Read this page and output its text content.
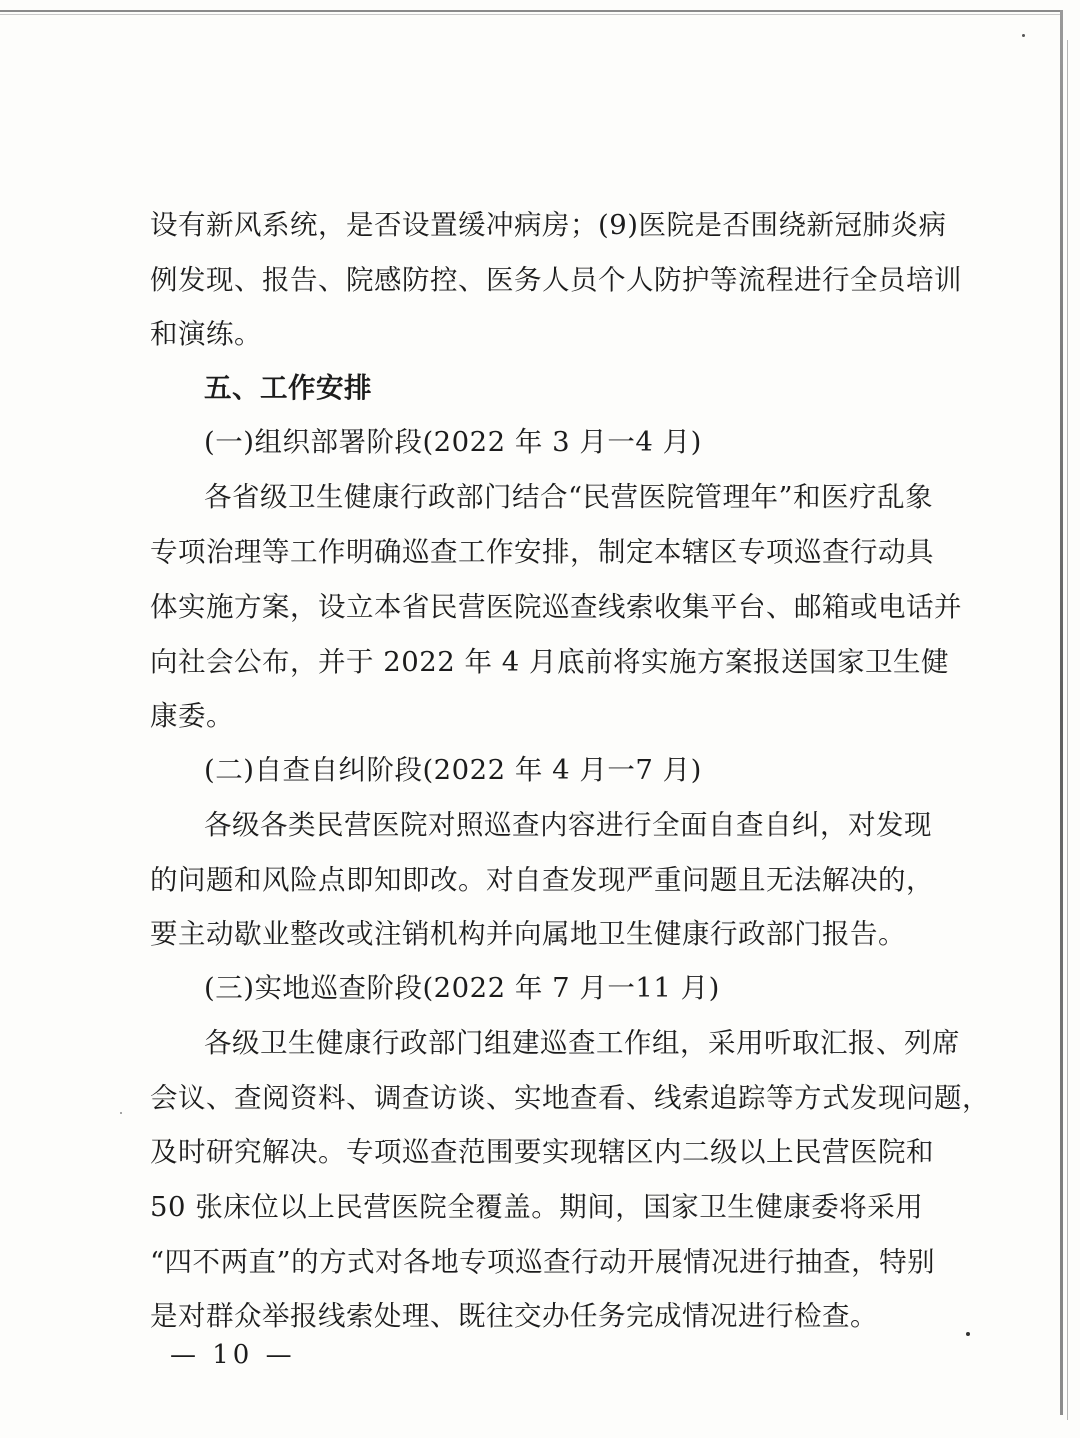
设有新风系统，是否设置缓冲病房；(9)医院是否围绕新冠肺炎病
例发现、报告、院感防控、医务人员个人防护等流程进行全员培训
和演练。
五、工作安排
(一)组织部署阶段(2022 年 3 月一4 月)
各省级卫生健康行政部门结合“民营医院管理年”和医疗乱象
专项治理等工作明确巡查工作安排，制定本辖区专项巡查行动具
体实施方案，设立本省民营医院巡查线索收集平台、邮箱或电话并
向社会公布，并于 2022 年 4 月底前将实施方案报送国家卫生健
康委。
(二)自查自纠阶段(2022 年 4 月一7 月)
各级各类民营医院对照巡查内容进行全面自查自纠，对发现
的问题和风险点即知即改。对自查发现严重问题且无法解决的，
要主动歇业整改或注销机构并向属地卫生健康行政部门报告。
(三)实地巡查阶段(2022 年 7 月一11 月)
各级卫生健康行政部门组建巡查工作组，采用听取汇报、列席
会议、查阅资料、调查访谈、实地查看、线索追踪等方式发现问题，
及时研究解决。专项巡查范围要实现辖区内二级以上民营医院和
50 张床位以上民营医院全覆盖。期间，国家卫生健康委将采用
“四不两直”的方式对各地专项巡查行动开展情况进行抽查，特别
是对群众举报线索处理、既往交办任务完成情况进行检查。
— 10 —
